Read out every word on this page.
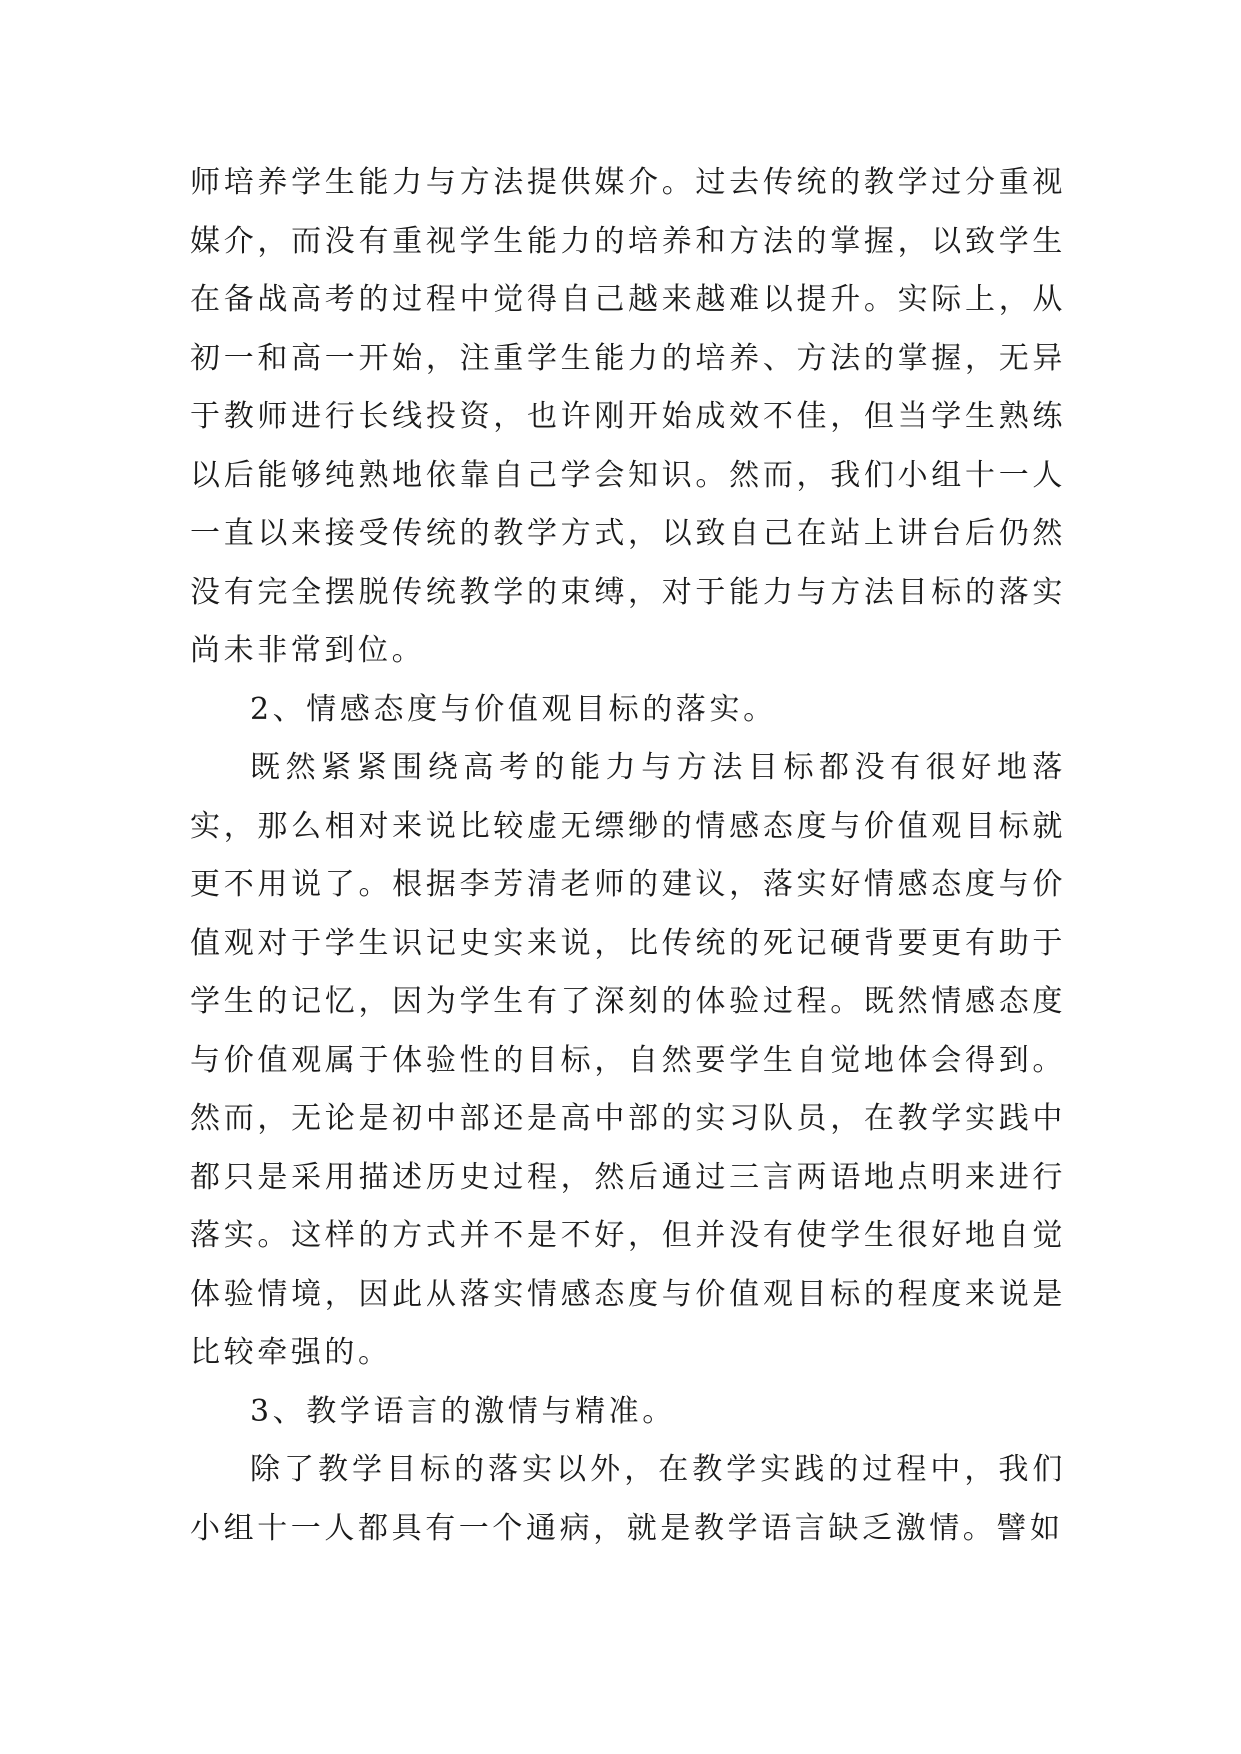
师培养学生能力与方法提供媒介。过去传统的教学过分重视媒介，而没有重视学生能力的培养和方法的掌握，以致学生在备战高考的过程中觉得自己越来越难以提升。实际上，从初一和高一开始，注重学生能力的培养、方法的掌握，无异于教师进行长线投资，也许刚开始成效不佳，但当学生熟练以后能够纯熟地依靠自己学会知识。然而，我们小组十一人一直以来接受传统的教学方式，以致自己在站上讲台后仍然没有完全摆脱传统教学的束缚，对于能力与方法目标的落实尚未非常到位。

2、情感态度与价值观目标的落实。

既然紧紧围绕高考的能力与方法目标都没有很好地落实，那么相对来说比较虚无缥缈的情感态度与价值观目标就更不用说了。根据李芳清老师的建议，落实好情感态度与价值观对于学生识记史实来说，比传统的死记硬背要更有助于学生的记忆，因为学生有了深刻的体验过程。既然情感态度与价值观属于体验性的目标，自然要学生自觉地体会得到。然而，无论是初中部还是高中部的实习队员，在教学实践中都只是采用描述历史过程，然后通过三言两语地点明来进行落实。这样的方式并不是不好，但并没有使学生很好地自觉体验情境，因此从落实情感态度与价值观目标的程度来说是比较牵强的。

3、教学语言的激情与精准。

除了教学目标的落实以外，在教学实践的过程中，我们小组十一人都具有一个通病，就是教学语言缺乏激情。譬如
